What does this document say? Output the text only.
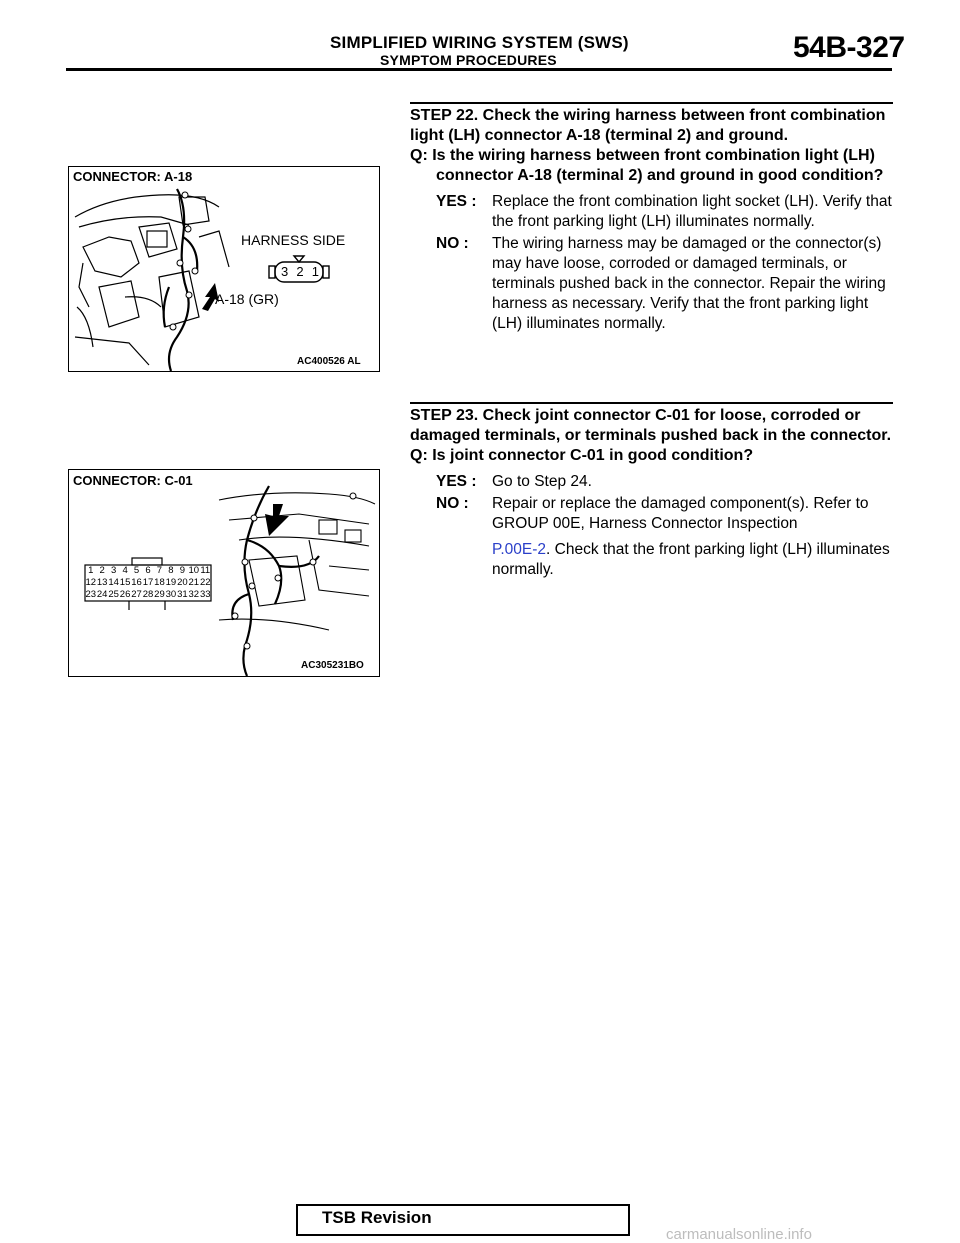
SIMPLIFIED WIRING SYSTEM (SWS)
SYMPTOM PROCEDURES	54B-327
CONNECTOR: A-18
HARNESS SIDE
3 2 1
A-18 (GR)
AC400526 AL
CONNECTOR: C-01
1 2 3 4 5 6 7 8 9 10 11
12 13 14 15 16 17 18 19 20 21 22
23 24 25 26 27 28 29 30 31 32 33
AC305231BO
STEP 22. Check the wiring harness between front combination light (LH) connector A-18 (terminal 2) and ground.
Q: Is the wiring harness between front combination light (LH) connector A-18 (terminal 2) and ground in good condition?
YES :	Replace the front combination light socket (LH). Verify that the front parking light (LH) illuminates normally.
NO :	The wiring harness may be damaged or the connector(s) may have loose, corroded or damaged terminals, or terminals pushed back in the connector. Repair the wiring harness as necessary. Verify that the front parking light (LH) illuminates normally.
STEP 23. Check joint connector C-01 for loose, corroded or damaged terminals, or terminals pushed back in the connector.
Q: Is joint connector C-01 in good condition?
YES :	Go to Step 24.
NO :	Repair or replace the damaged component(s). Refer to GROUP 00E, Harness Connector Inspection
P.00E-2. Check that the front parking light (LH) illuminates normally.
TSB Revision
carmanualsonline.info
